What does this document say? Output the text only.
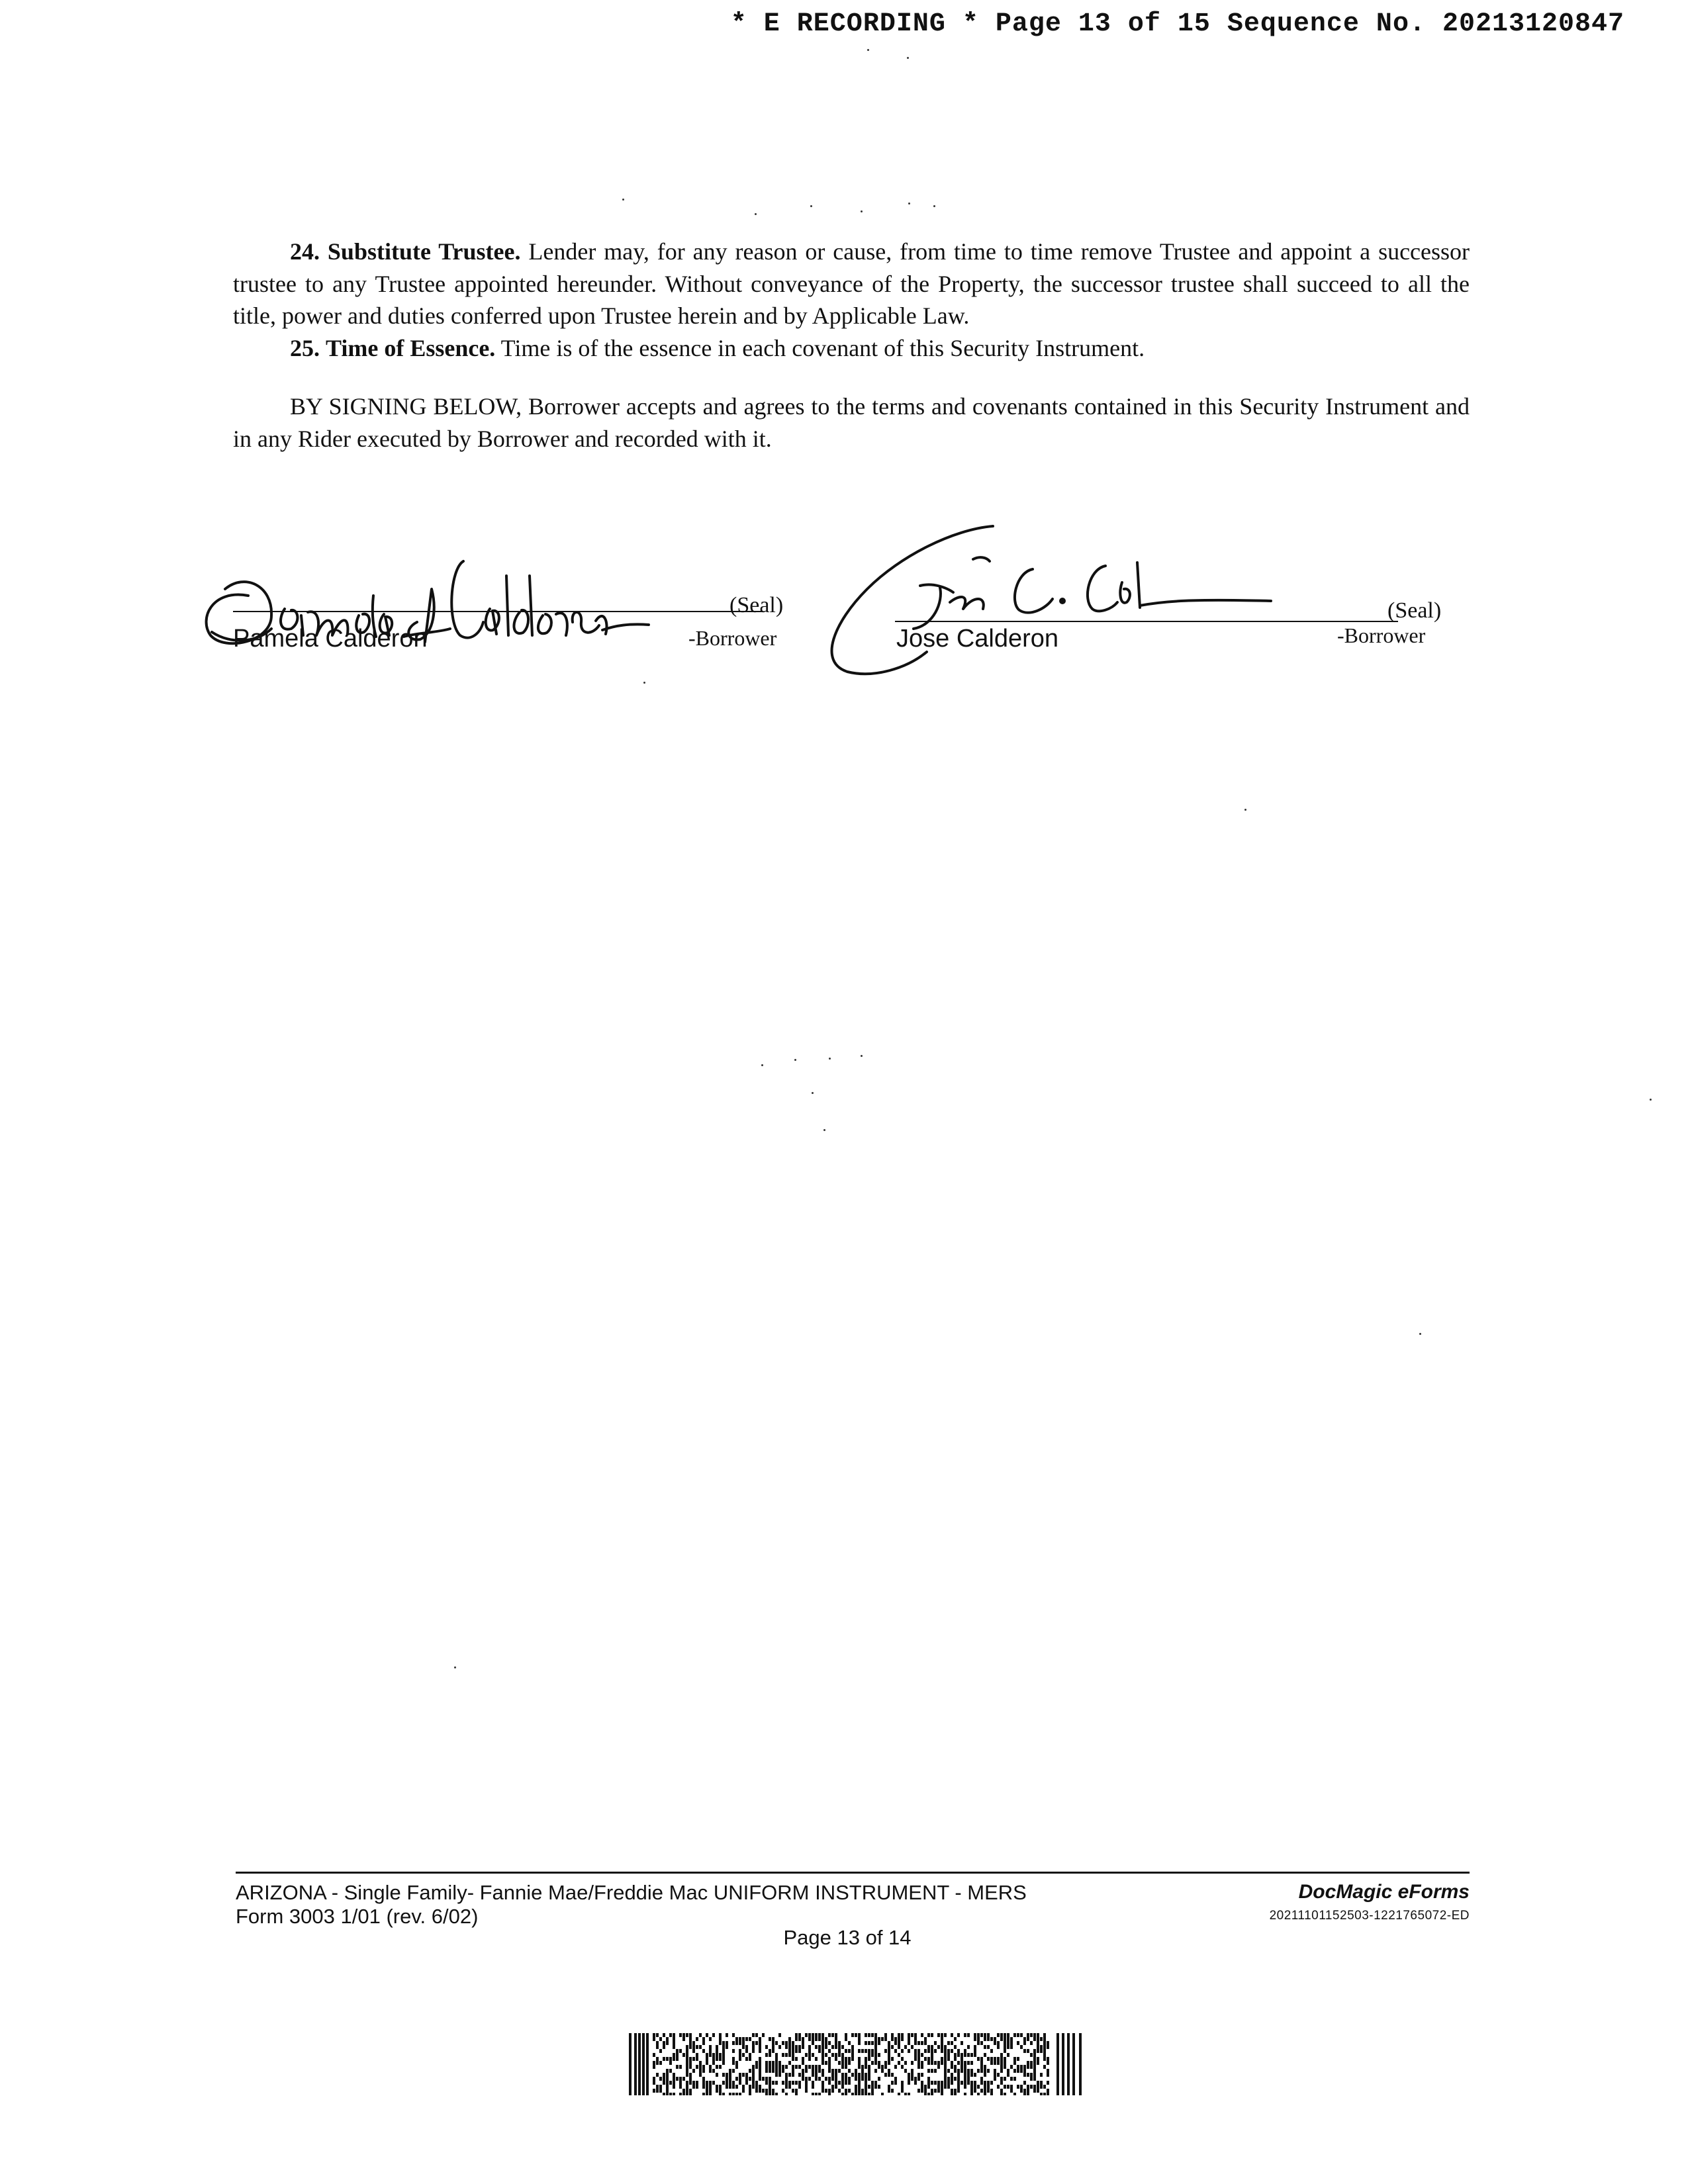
* E RECORDING * Page 13 of 15 Sequence No. 20213120847

24. Substitute Trustee. Lender may, for any reason or cause, from time to time remove Trustee and appoint a successor trustee to any Trustee appointed hereunder. Without conveyance of the Property, the successor trustee shall succeed to all the title, power and duties conferred upon Trustee herein and by Applicable Law.

25. Time of Essence. Time is of the essence in each covenant of this Security Instrument.

BY SIGNING BELOW, Borrower accepts and agrees to the terms and covenants contained in this Security Instrument and in any Rider executed by Borrower and recorded with it.

(Seal)
Pamela Calderon	-Borrower
(Seal)
Jose Calderon	-Borrower
ARIZONA - Single Family- Fannie Mae/Freddie Mac UNIFORM INSTRUMENT - MERS
Form 3003 1/01 (rev. 6/02)
Page 13 of 14
DocMagic eForms
20211101152503-1221765072-ED
